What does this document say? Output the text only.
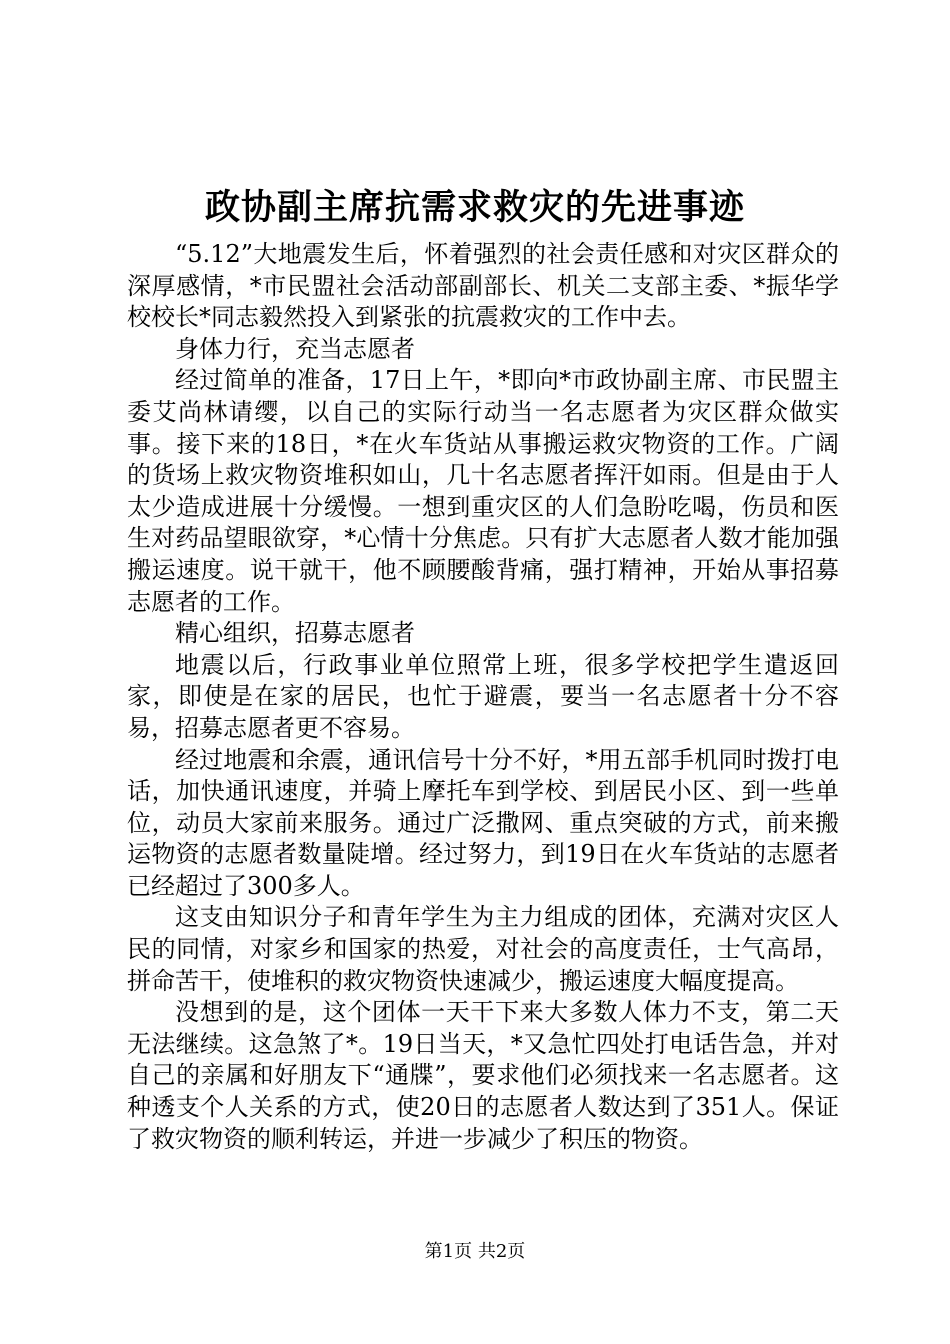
政协副主席抗需求救灾的先进事迹

“5.12”大地震发生后，怀着强烈的社会责任感和对灾区群众的深厚感情，*市民盟社会活动部副部长、机关二支部主委、*振华学校校长*同志毅然投入到紧张的抗震救灾的工作中去。

身体力行，充当志愿者

经过简单的准备，17日上午，*即向*市政协副主席、市民盟主委艾尚林请缨，以自己的实际行动当一名志愿者为灾区群众做实事。接下来的18日，*在火车货站从事搬运救灾物资的工作。广阔的货场上救灾物资堆积如山，几十名志愿者挥汗如雨。但是由于人太少造成进展十分缓慢。一想到重灾区的人们急盼吃喝，伤员和医生对药品望眼欲穿，*心情十分焦虑。只有扩大志愿者人数才能加强搬运速度。说干就干，他不顾腰酸背痛，强打精神，开始从事招募志愿者的工作。

精心组织，招募志愿者

地震以后，行政事业单位照常上班，很多学校把学生遣返回家，即使是在家的居民，也忙于避震，要当一名志愿者十分不容易，招募志愿者更不容易。

经过地震和余震，通讯信号十分不好，*用五部手机同时拨打电话，加快通讯速度，并骑上摩托车到学校、到居民小区、到一些单位，动员大家前来服务。通过广泛撒网、重点突破的方式，前来搬运物资的志愿者数量陡增。经过努力，到19日在火车货站的志愿者已经超过了300多人。

这支由知识分子和青年学生为主力组成的团体，充满对灾区人民的同情，对家乡和国家的热爱，对社会的高度责任，士气高昂，拼命苦干，使堆积的救灾物资快速减少，搬运速度大幅度提高。

没想到的是，这个团体一天干下来大多数人体力不支，第二天无法继续。这急煞了*。19日当天，*又急忙四处打电话告急，并对自己的亲属和好朋友下“通牒”，要求他们必须找来一名志愿者。这种透支个人关系的方式，使20日的志愿者人数达到了351人。保证了救灾物资的顺利转运，并进一步减少了积压的物资。

第1页 共2页
